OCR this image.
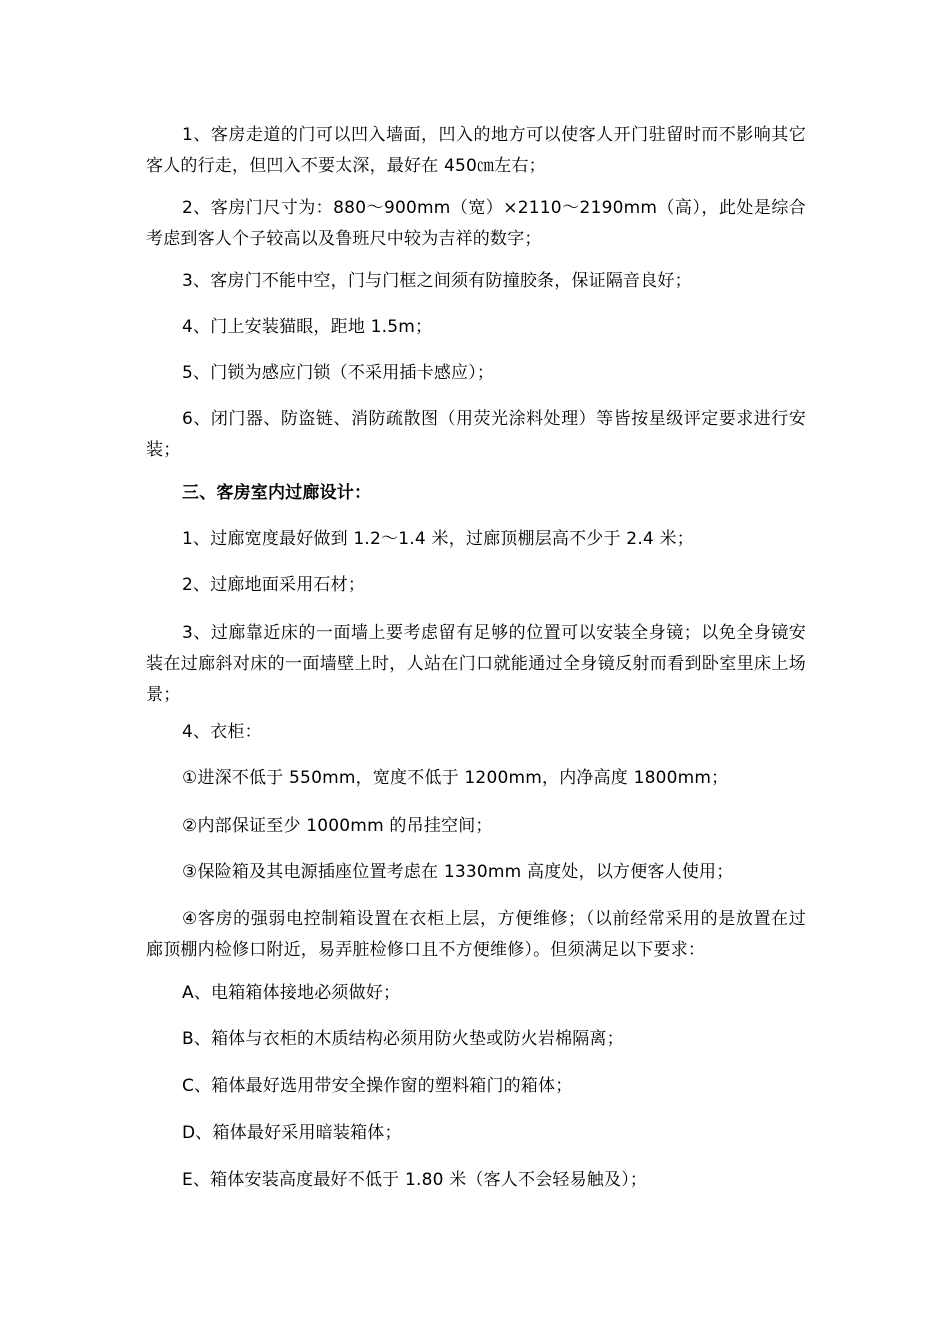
1、客房走道的门可以凹入墙面，凹入的地方可以使客人开门驻留时而不影响其它客人的行走，但凹入不要太深，最好在 450㎝左右；

2、客房门尺寸为：880～900mm（宽）×2110～2190mm（高），此处是综合考虑到客人个子较高以及鲁班尺中较为吉祥的数字；

3、客房门不能中空，门与门框之间须有防撞胶条，保证隔音良好；

4、门上安装猫眼，距地 1.5m；

5、门锁为感应门锁（不采用插卡感应）；

6、闭门器、防盗链、消防疏散图（用荧光涂料处理）等皆按星级评定要求进行安装；

三、客房室内过廊设计：

1、过廊宽度最好做到 1.2～1.4 米，过廊顶棚层高不少于 2.4 米；

2、过廊地面采用石材；

3、过廊靠近床的一面墙上要考虑留有足够的位置可以安装全身镜；以免全身镜安装在过廊斜对床的一面墙壁上时，人站在门口就能通过全身镜反射而看到卧室里床上场景；

4、衣柜：

①进深不低于 550mm，宽度不低于 1200mm，内净高度 1800mm；

②内部保证至少 1000mm 的吊挂空间；

③保险箱及其电源插座位置考虑在 1330mm 高度处，以方便客人使用；

④客房的强弱电控制箱设置在衣柜上层，方便维修；（以前经常采用的是放置在过廊顶棚内检修口附近，易弄脏检修口且不方便维修）。但须满足以下要求：

A、电箱箱体接地必须做好；

B、箱体与衣柜的木质结构必须用防火垫或防火岩棉隔离；

C、箱体最好选用带安全操作窗的塑料箱门的箱体；

D、箱体最好采用暗装箱体；

E、箱体安装高度最好不低于 1.80 米（客人不会轻易触及）；
